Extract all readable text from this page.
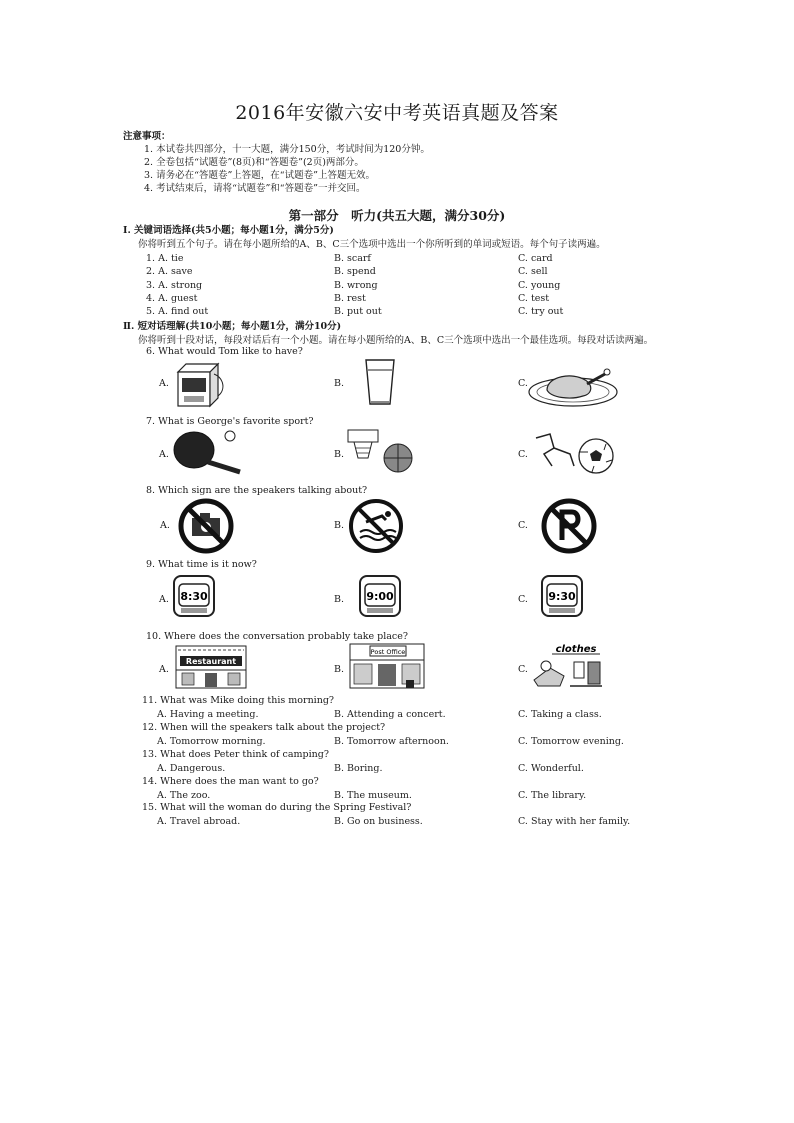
2016年安徽六安中考英语真题及答案
注意事项：
1. 本试卷共四部分，十一大题，满分150分，考试时间为120分钟。
2. 全卷包括“试题卷”(8页)和“答题卷”(2页)两部分。
3. 请务必在“答题卷”上答题，在“试题卷”上答题无效。
4. 考试结束后，请将“试题卷”和“答题卷”一并交回。
第一部分　听力(共五大题，满分30分)
Ⅰ. 关键词语选择(共5小题；每小题1分，满分5分)
你将听到五个句子。请在每小题所给的A、B、C三个选项中选出一个你所听到的单词或短语。每个句子读两遍。
1. A. tie	B. scarf	C. card
2. A. save	B. spend	C. sell
3. A. strong	B. wrong	C. young
4. A. guest	B. rest	C. test
5. A. find out	B. put out	C. try out
Ⅱ. 短对话理解(共10小题；每小题1分，满分10分)
你将听到十段对话，每段对话后有一个小题。请在每小题所给的A、B、C三个选项中选出一个最佳选项。每段对话读两遍。
6. What would Tom like to have?
A.	B.	C.
7. What is George's favorite sport?
A.	B.	C.
8. Which sign are the speakers talking about?
A.	B.	C.
9. What time is it now?
A. 8:30	B. 9:00	C. 9:30
10. Where does the conversation probably take place?
A.
Restaurant
B.
Post Office
C.
clothes
11. What was Mike doing this morning?
A. Having a meeting.	B. Attending a concert.	C. Taking a class.
12. When will the speakers talk about the project?
A. Tomorrow morning.	B. Tomorrow afternoon.	C. Tomorrow evening.
13. What does Peter think of camping?
A. Dangerous.	B. Boring.	C. Wonderful.
14. Where does the man want to go?
A. The zoo.	B. The museum.	C. The library.
15. What will the woman do during the Spring Festival?
A. Travel abroad.	B. Go on business.	C. Stay with her family.
